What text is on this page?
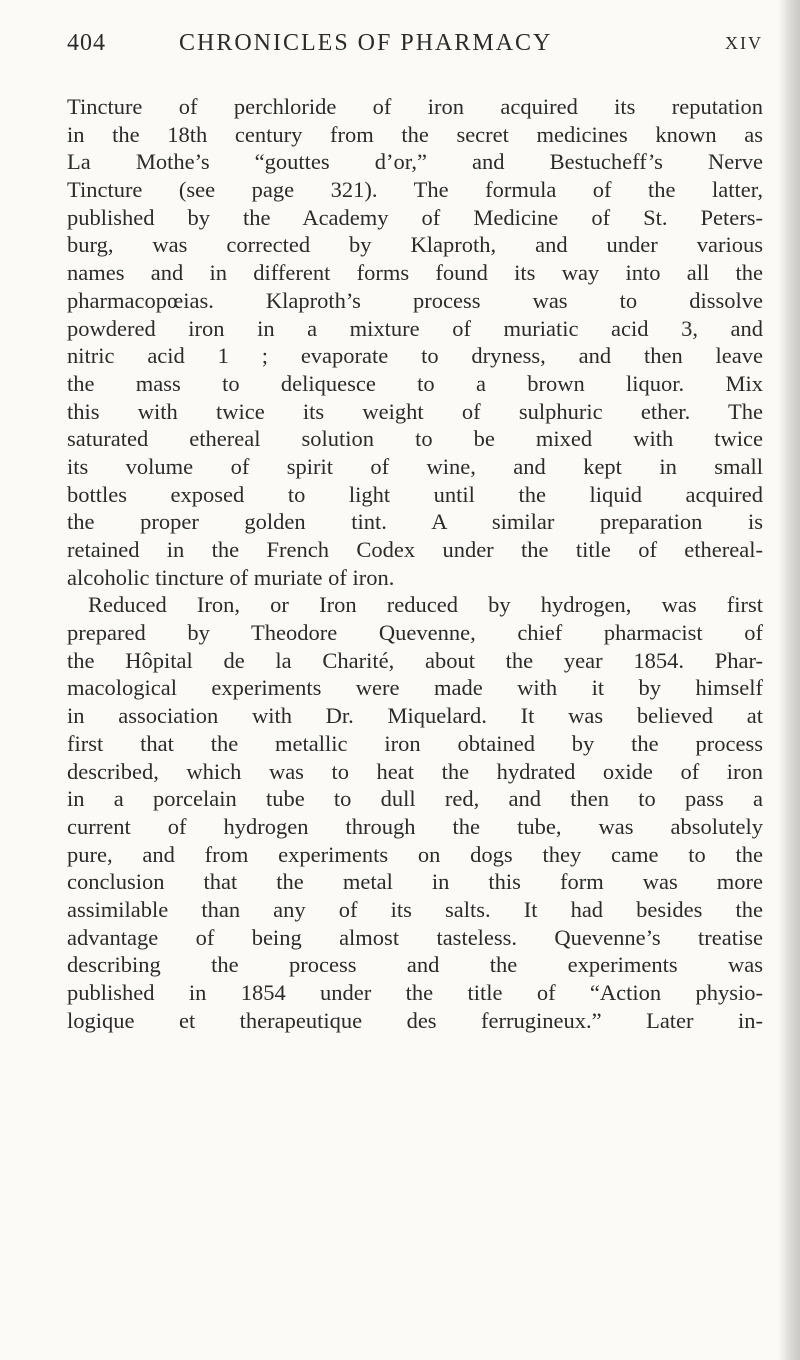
404	CHRONICLES OF PHARMACY	XIV
Tincture of perchloride of iron acquired its reputation
in the 18th century from the secret medicines known as
La Mothe’s “gouttes d’or,” and Bestucheff’s Nerve
Tincture (see page 321). The formula of the latter,
published by the Academy of Medicine of St. Peters-
burg, was corrected by Klaproth, and under various
names and in different forms found its way into all the
pharmacopœias. Klaproth’s process was to dissolve
powdered iron in a mixture of muriatic acid 3, and
nitric acid 1 ; evaporate to dryness, and then leave
the mass to deliquesce to a brown liquor. Mix
this with twice its weight of sulphuric ether. The
saturated ethereal solution to be mixed with twice
its volume of spirit of wine, and kept in small
bottles exposed to light until the liquid acquired
the proper golden tint. A similar preparation is
retained in the French Codex under the title of ethereal-
alcoholic tincture of muriate of iron.
Reduced Iron, or Iron reduced by hydrogen, was first
prepared by Theodore Quevenne, chief pharmacist of
the Hôpital de la Charité, about the year 1854. Phar-
macological experiments were made with it by himself
in association with Dr. Miquelard. It was believed at
first that the metallic iron obtained by the process
described, which was to heat the hydrated oxide of iron
in a porcelain tube to dull red, and then to pass a
current of hydrogen through the tube, was absolutely
pure, and from experiments on dogs they came to the
conclusion that the metal in this form was more
assimilable than any of its salts. It had besides the
advantage of being almost tasteless. Quevenne’s treatise
describing the process and the experiments was
published in 1854 under the title of “Action physio-
logique et therapeutique des ferrugineux.” Later in-
